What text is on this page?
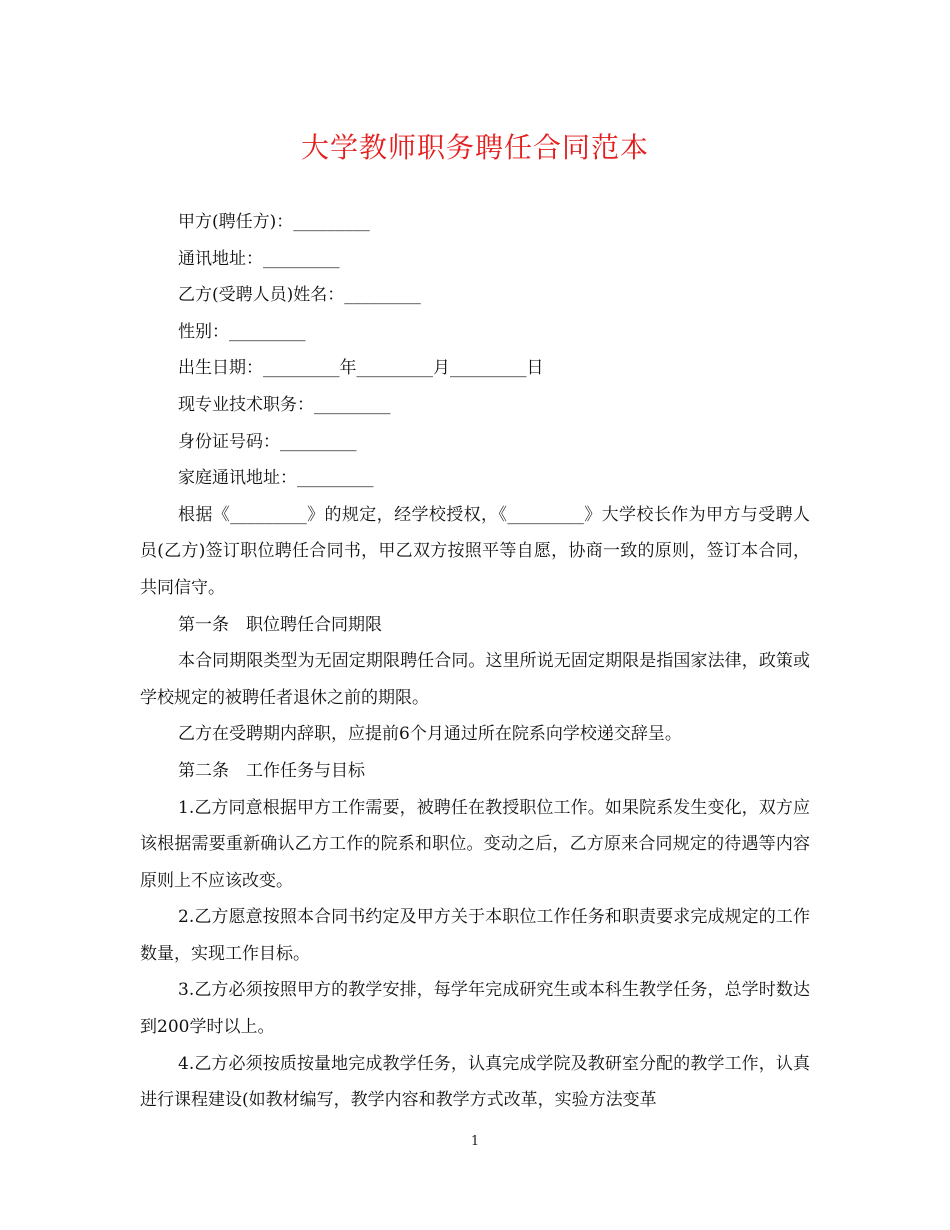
大学教师职务聘任合同范本

甲方(聘任方)：_________

通讯地址：_________

乙方(受聘人员)姓名：_________

性别：_________

出生日期：_________年_________月_________日

现专业技术职务：_________

身份证号码：_________

家庭通讯地址：_________

根据《_________》的规定，经学校授权，《_________》大学校长作为甲方与受聘人员(乙方)签订职位聘任合同书，甲乙双方按照平等自愿，协商一致的原则，签订本合同，共同信守。

第一条　职位聘任合同期限

本合同期限类型为无固定期限聘任合同。这里所说无固定期限是指国家法律，政策或学校规定的被聘任者退休之前的期限。

乙方在受聘期内辞职，应提前6个月通过所在院系向学校递交辞呈。

第二条　工作任务与目标

1.乙方同意根据甲方工作需要，被聘任在教授职位工作。如果院系发生变化，双方应该根据需要重新确认乙方工作的院系和职位。变动之后，乙方原来合同规定的待遇等内容原则上不应该改变。

2.乙方愿意按照本合同书约定及甲方关于本职位工作任务和职责要求完成规定的工作数量，实现工作目标。

3.乙方必须按照甲方的教学安排，每学年完成研究生或本科生教学任务，总学时数达到200学时以上。

4.乙方必须按质按量地完成教学任务，认真完成学院及教研室分配的教学工作，认真进行课程建设(如教材编写，教学内容和教学方式改革，实验方法变革

1
